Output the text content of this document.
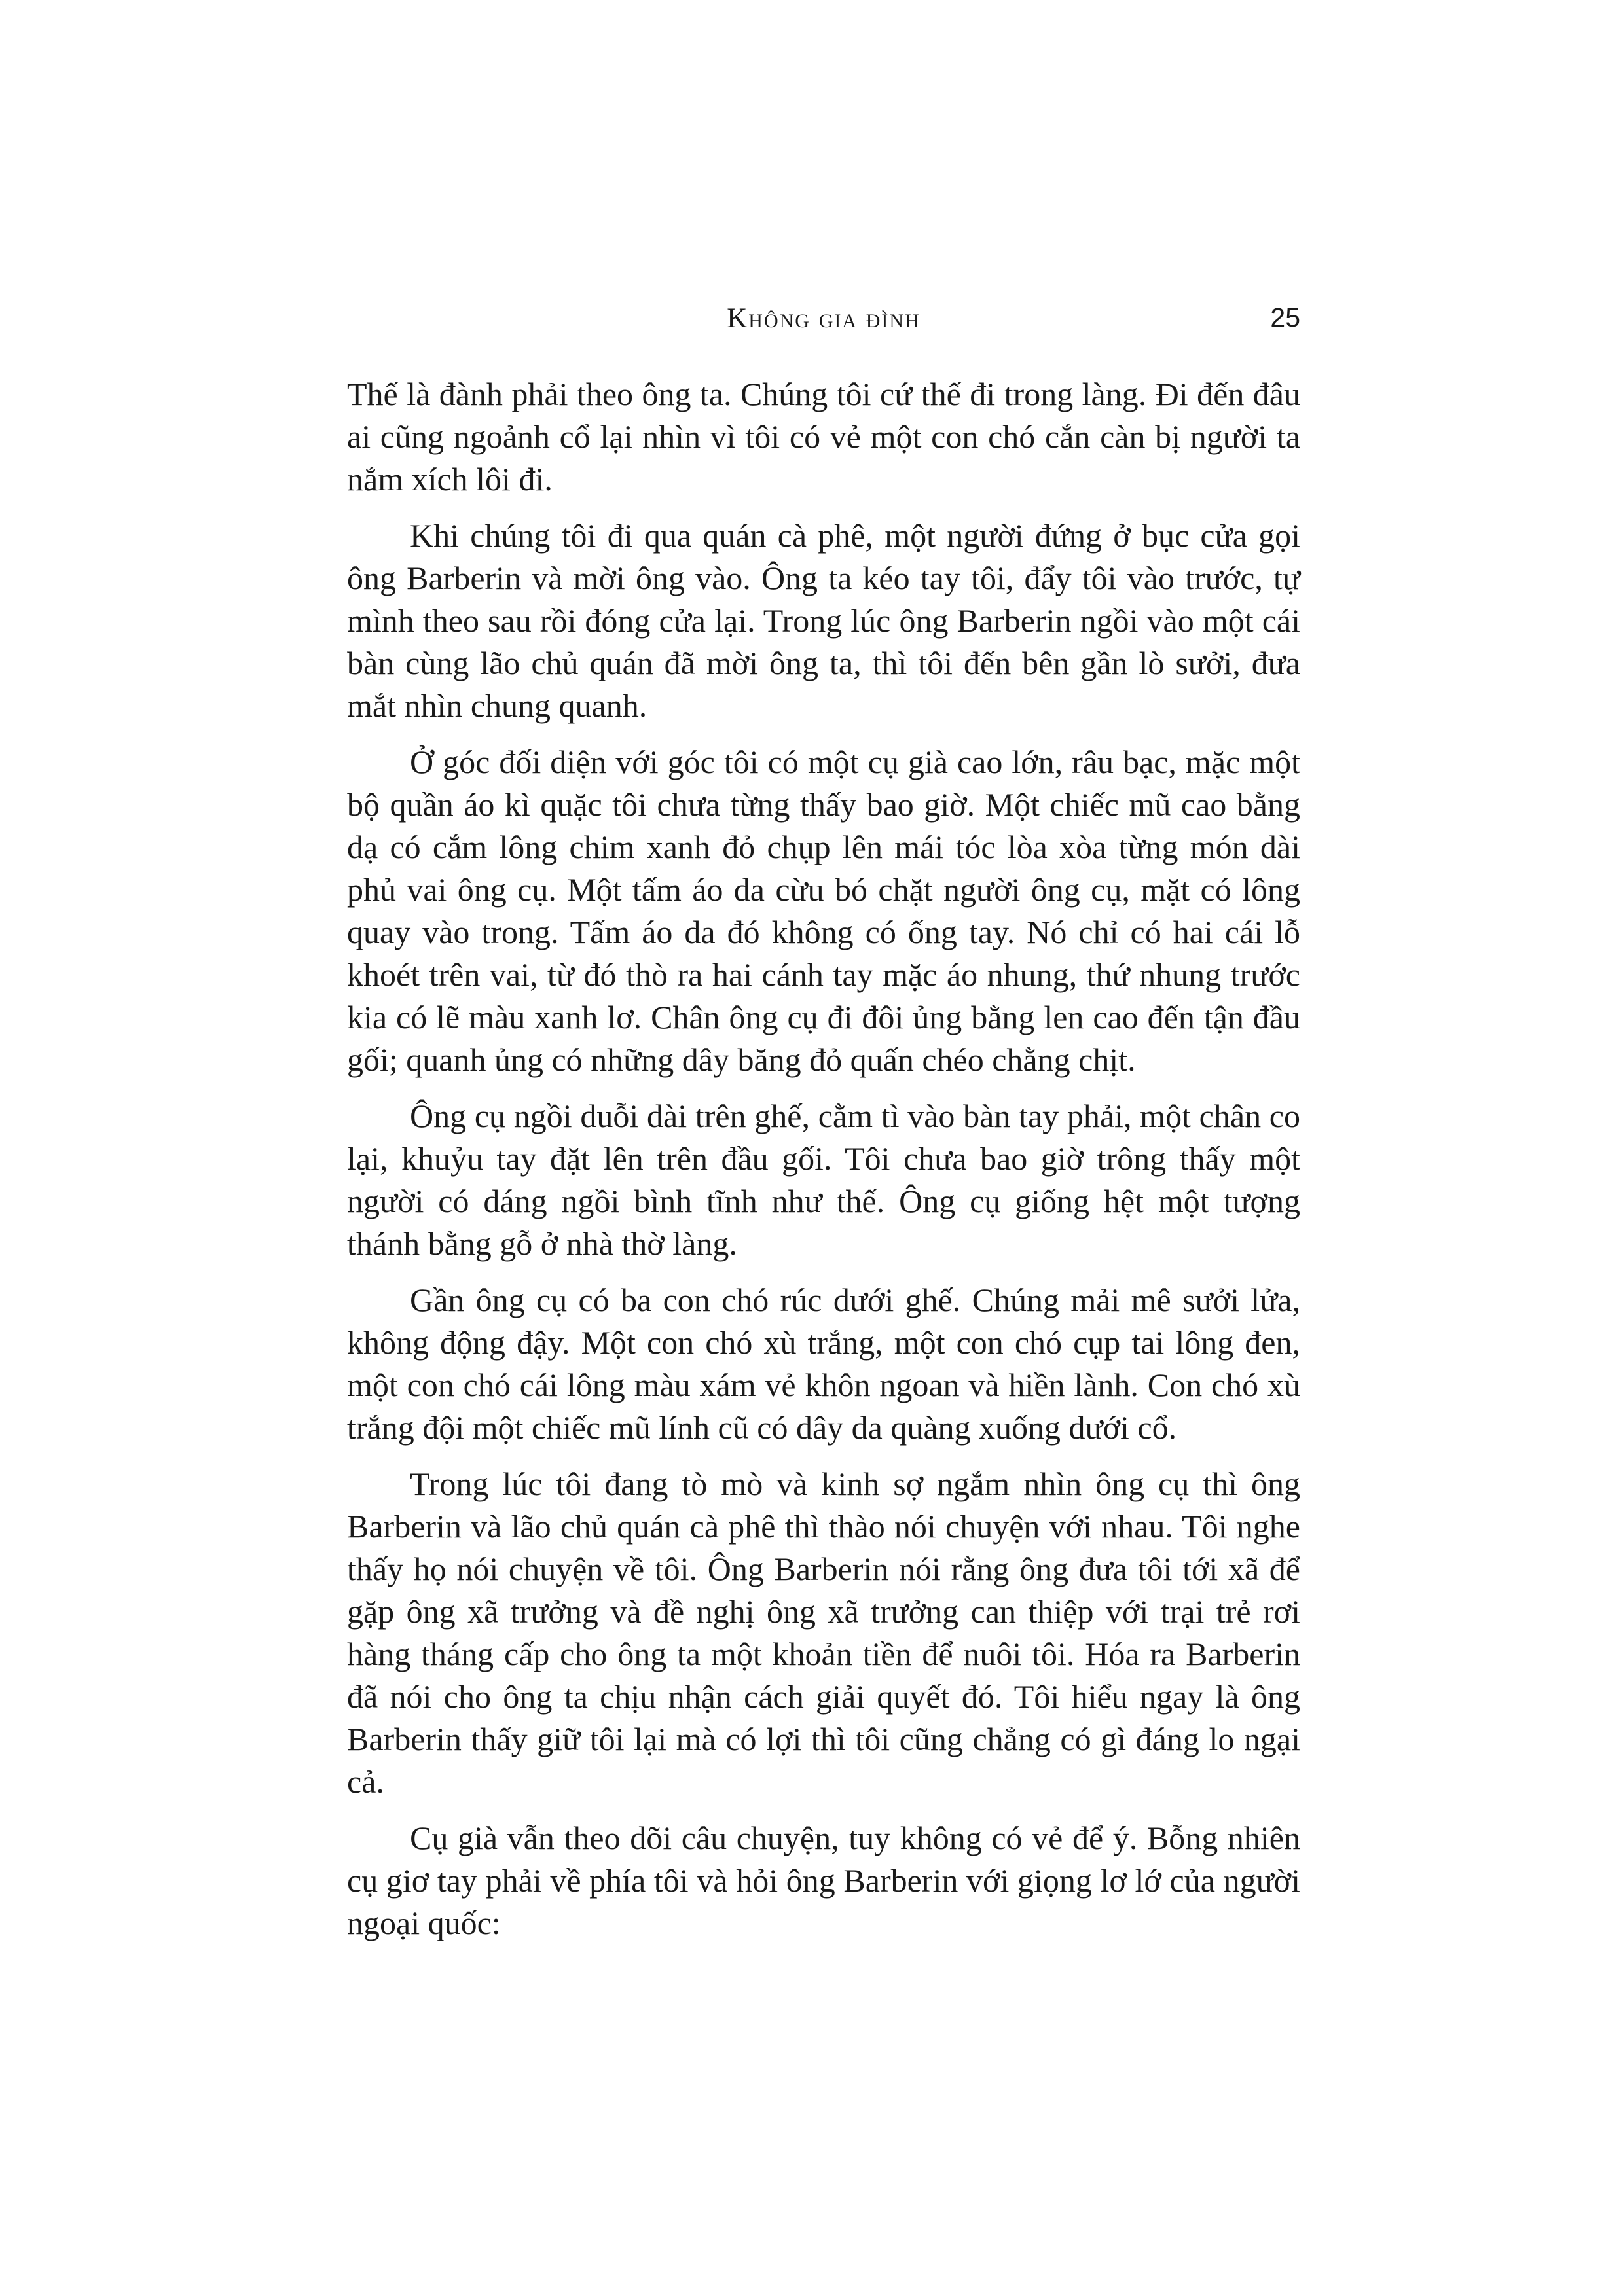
Không gia đình	25

Thế là đành phải theo ông ta. Chúng tôi cứ thế đi trong làng. Đi đến đâu ai cũng ngoảnh cổ lại nhìn vì tôi có vẻ một con chó cắn càn bị người ta nắm xích lôi đi.

Khi chúng tôi đi qua quán cà phê, một người đứng ở bục cửa gọi ông Barberin và mời ông vào. Ông ta kéo tay tôi, đẩy tôi vào trước, tự mình theo sau rồi đóng cửa lại. Trong lúc ông Barberin ngồi vào một cái bàn cùng lão chủ quán đã mời ông ta, thì tôi đến bên gần lò sưởi, đưa mắt nhìn chung quanh.

Ở góc đối diện với góc tôi có một cụ già cao lớn, râu bạc, mặc một bộ quần áo kì quặc tôi chưa từng thấy bao giờ. Một chiếc mũ cao bằng dạ có cắm lông chim xanh đỏ chụp lên mái tóc lòa xòa từng món dài phủ vai ông cụ. Một tấm áo da cừu bó chặt người ông cụ, mặt có lông quay vào trong. Tấm áo da đó không có ống tay. Nó chỉ có hai cái lỗ khoét trên vai, từ đó thò ra hai cánh tay mặc áo nhung, thứ nhung trước kia có lẽ màu xanh lơ. Chân ông cụ đi đôi ủng bằng len cao đến tận đầu gối; quanh ủng có những dây băng đỏ quấn chéo chằng chịt.

Ông cụ ngồi duỗi dài trên ghế, cằm tì vào bàn tay phải, một chân co lại, khuỷu tay đặt lên trên đầu gối. Tôi chưa bao giờ trông thấy một người có dáng ngồi bình tĩnh như thế. Ông cụ giống hệt một tượng thánh bằng gỗ ở nhà thờ làng.

Gần ông cụ có ba con chó rúc dưới ghế. Chúng mải mê sưởi lửa, không động đậy. Một con chó xù trắng, một con chó cụp tai lông đen, một con chó cái lông màu xám vẻ khôn ngoan và hiền lành. Con chó xù trắng đội một chiếc mũ lính cũ có dây da quàng xuống dưới cổ.

Trong lúc tôi đang tò mò và kinh sợ ngắm nhìn ông cụ thì ông Barberin và lão chủ quán cà phê thì thào nói chuyện với nhau. Tôi nghe thấy họ nói chuyện về tôi. Ông Barberin nói rằng ông đưa tôi tới xã để gặp ông xã trưởng và đề nghị ông xã trưởng can thiệp với trại trẻ rơi hàng tháng cấp cho ông ta một khoản tiền để nuôi tôi. Hóa ra Barberin đã nói cho ông ta chịu nhận cách giải quyết đó. Tôi hiểu ngay là ông Barberin thấy giữ tôi lại mà có lợi thì tôi cũng chẳng có gì đáng lo ngại cả.

Cụ già vẫn theo dõi câu chuyện, tuy không có vẻ để ý. Bỗng nhiên cụ giơ tay phải về phía tôi và hỏi ông Barberin với giọng lơ lớ của người ngoại quốc:
